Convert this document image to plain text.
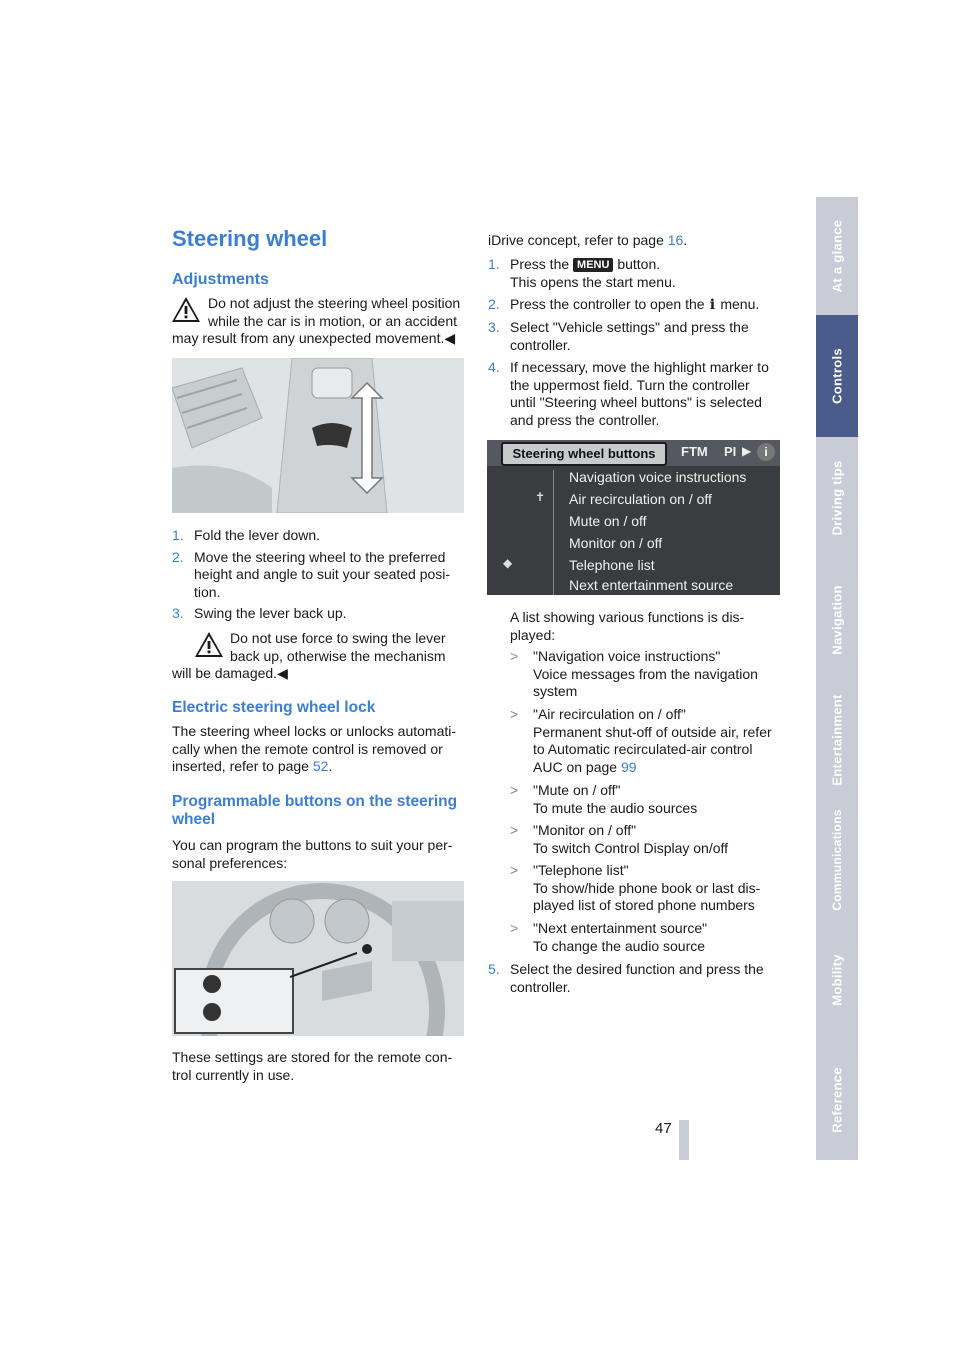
At a glance
Controls
Driving tips
Navigation
Entertainment
Communications
Mobility
Reference
47
Steering wheel
Adjustments
Do not adjust the steering wheel position
while the car is in motion, or an accident
may result from any unexpected movement.◀
1. Fold the lever down.
2. Move the steering wheel to the preferred
height and angle to suit your seated posi-
tion.
3. Swing the lever back up.
Do not use force to swing the lever
back up, otherwise the mechanism
will be damaged.◀
Electric steering wheel lock
The steering wheel locks or unlocks automati-
cally when the remote control is removed or
inserted, refer to page 52.
Programmable buttons on the steering
wheel
You can program the buttons to suit your per-
sonal preferences:
These settings are stored for the remote con-
trol currently in use.
iDrive concept, refer to page 16.
1. Press the MENU button.
This opens the start menu.
2. Press the controller to open the i menu.
3. Select "Vehicle settings" and press the
controller.
4. If necessary, move the highlight marker to
the uppermost field. Turn the controller
until "Steering wheel buttons" is selected
and press the controller.
Steering wheel buttons	FTM PI ▶	i
✝
◆
Navigation voice instructions
Air recirculation on / off
Mute on / off
Monitor on / off
Telephone list
Next entertainment source
A list showing various functions is dis-
played:
> "Navigation voice instructions"
Voice messages from the navigation
system
> "Air recirculation on / off"
Permanent shut-off of outside air, refer
to Automatic recirculated-air control
AUC on page 99
> "Mute on / off"
To mute the audio sources
> "Monitor on / off"
To switch Control Display on/off
> "Telephone list"
To show/hide phone book or last dis-
played list of stored phone numbers
> "Next entertainment source"
To change the audio source
5. Select the desired function and press the
controller.
